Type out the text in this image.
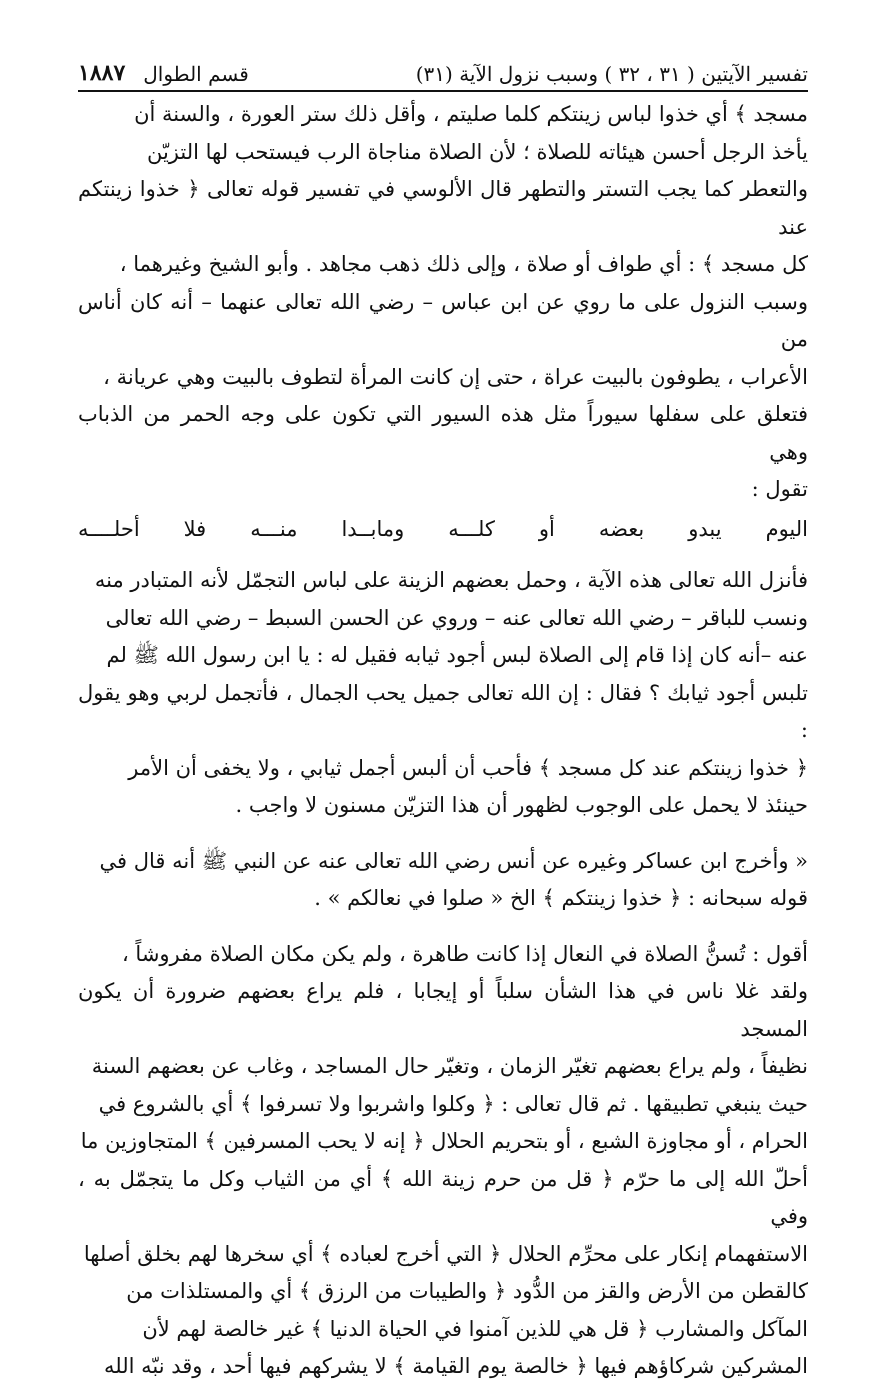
تفسير الآيتين ( ٣١ ، ٣٢ ) وسبب نزول الآية (٣١)
قسم الطوال
١٨٨٧

مسجد ﴾ أي خذوا لباس زينتكم كلما صليتم ، وأقل ذلك ستر العورة ، والسنة أن
يأخذ الرجل أحسن هيئاته للصلاة ؛ لأن الصلاة مناجاة الرب فيستحب لها التزيّن
والتعطر كما يجب التستر والتطهر قال الألوسي في تفسير قوله تعالى ﴿ خذوا زينتكم عند
كل مسجد ﴾ : أي طواف أو صلاة ، وإلى ذلك ذهب مجاهد . وأبو الشيخ وغيرهما ،
وسبب النزول على ما روي عن ابن عباس – رضي الله تعالى عنهما – أنه كان أناس من
الأعراب ، يطوفون بالبيت عراة ، حتى إن كانت المرأة لتطوف بالبيت وهي عريانة ،
فتعلق على سفلها سيوراً مثل هذه السيور التي تكون على وجه الحمر من الذباب وهي
تقول :

اليوم
يبدو
بعضه
أو
كلـــه
ومابــدا
منـــه
فلا
أحلــــه

فأنزل الله تعالى هذه الآية ، وحمل بعضهم الزينة على لباس التجمّل لأنه المتبادر منه
ونسب للباقر – رضي الله تعالى عنه – وروي عن الحسن السبط – رضي الله تعالى
عنه –أنه كان إذا قام إلى الصلاة لبس أجود ثيابه فقيل له : يا ابن رسول الله ﷺ لم
تلبس أجود ثيابك ؟ فقال : إن الله تعالى جميل يحب الجمال ، فأتجمل لربي وهو يقول :
﴿ خذوا زينتكم عند كل مسجد ﴾ فأحب أن ألبس أجمل ثيابي ، ولا يخفى أن الأمر
حينئذ لا يحمل على الوجوب لظهور أن هذا التزيّن مسنون لا واجب .

« وأخرج ابن عساكر وغيره عن أنس رضي الله تعالى عنه عن النبي ﷺ أنه قال في
قوله سبحانه : ﴿ خذوا زينتكم ﴾ الخ « صلوا في نعالكم » .

أقول : تُسنُّ الصلاة في النعال إذا كانت طاهرة ، ولم يكن مكان الصلاة مفروشاً ،
ولقد غلا ناس في هذا الشأن سلباً أو إيجابا ، فلم يراع بعضهم ضرورة أن يكون المسجد
نظيفاً ، ولم يراع بعضهم تغيّر الزمان ، وتغيّر حال المساجد ، وغاب عن بعضهم السنة
حيث ينبغي تطبيقها . ثم قال تعالى : ﴿ وكلوا واشربوا ولا تسرفوا ﴾ أي بالشروع في
الحرام ، أو مجاوزة الشبع ، أو بتحريم الحلال ﴿ إنه لا يحب المسرفين ﴾ المتجاوزين ما
أحلّ الله إلى ما حرّم ﴿ قل من حرم زينة الله ﴾ أي من الثياب وكل ما يتجمّل به ، وفي
الاستفهمام إنكار على محرِّم الحلال ﴿ التي أخرج لعباده ﴾ أي سخرها لهم بخلق أصلها
كالقطن من الأرض والقز من الدُّود ﴿ والطيبات من الرزق ﴾ أي والمستلذات من
المآكل والمشارب ﴿ قل هي للذين آمنوا في الحياة الدنيا ﴾ غير خالصة لهم لأن
المشركين شركاؤهم فيها ﴿ خالصة يوم القيامة ﴾ لا يشركهم فيها أحد ، وقد نبّه الله
